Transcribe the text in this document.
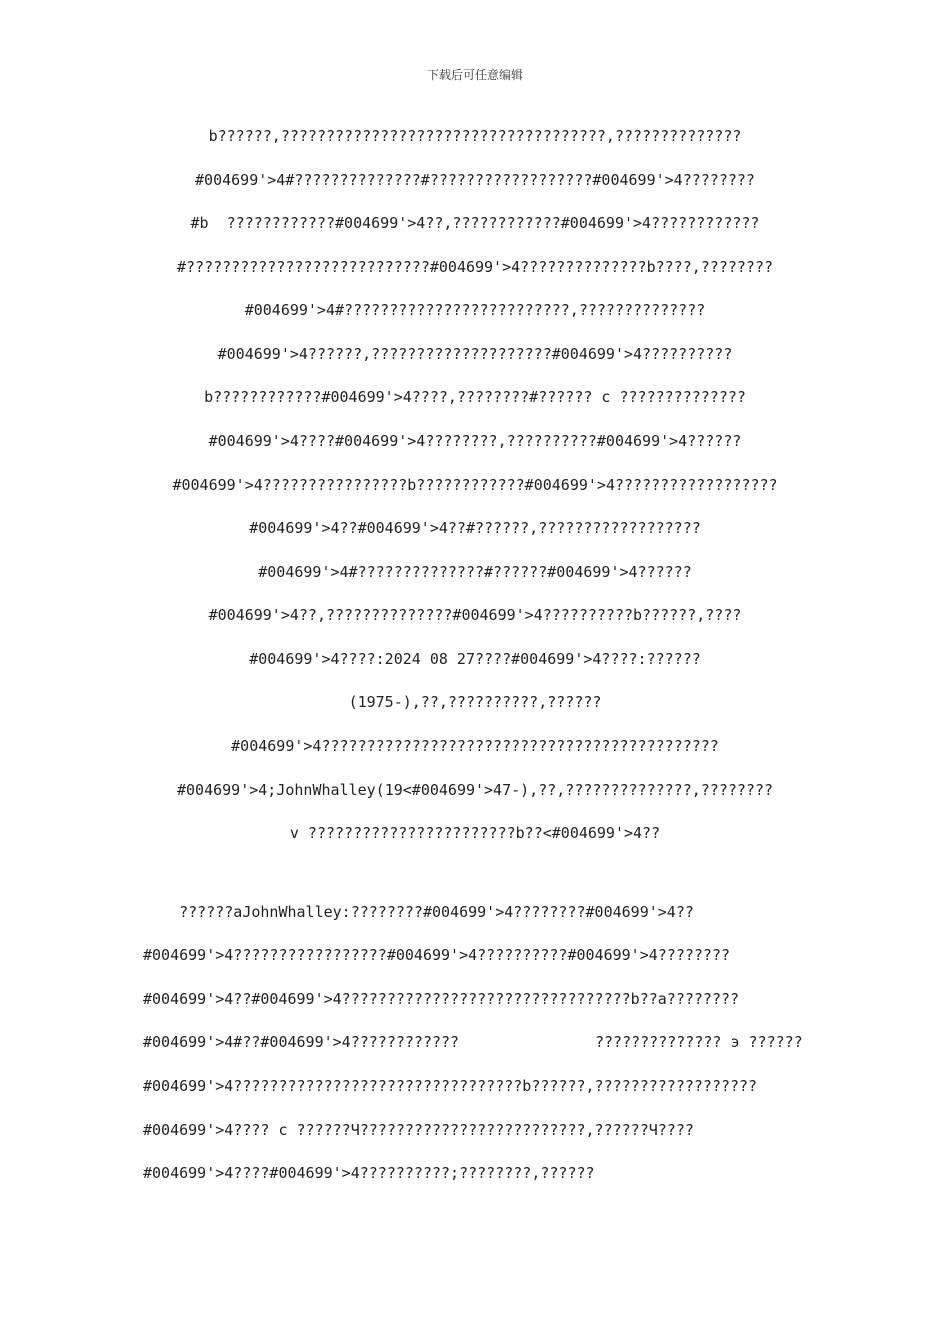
下载后可任意编辑
b??????,????????????????????????????????????,??????????????
#004699'>4#??????????????#??????????????????#004699'>4????????
#b  ????????????#004699'>4??,????????????#004699'>4????????????
#???????????????????????????#004699'>4??????????????b????,????????
#004699'>4#?????????????????????????,??????????????
#004699'>4??????,????????????????????#004699'>4??????????
b????????????#004699'>4????,????????#?????? c ??????????????
#004699'>4????#004699'>4????????,??????????#004699'>4??????
#004699'>4????????????????b????????????#004699'>4??????????????????
#004699'>4??#004699'>4??#??????,??????????????????
#004699'>4#??????????????#??????#004699'>4??????
#004699'>4??,??????????????#004699'>4??????????b??????,????
#004699'>4????:2024 08 27????#004699'>4????:??????
(1975-),??,??????????,??????
#004699'>4????????????????????????????????????????????
#004699'>4;JohnWhalley(19<#004699'>47-),??,??????????????,????????
v ???????????????????????b??<#004699'>4??
??????aJohnWhalley:????????#004699'>4????????#004699'>4??
#004699'>4?????????????????#004699'>4??????????#004699'>4????????
#004699'>4??#004699'>4????????????????????????????????b??a????????
#004699'>4#??#004699'>4????????????	?????????????? э ??????
#004699'>4????????????????????????????????b??????,??????????????????
#004699'>4???? c ??????Ч?????????????????????????,??????Ч????
#004699'>4????#004699'>4??????????;????????,??????
